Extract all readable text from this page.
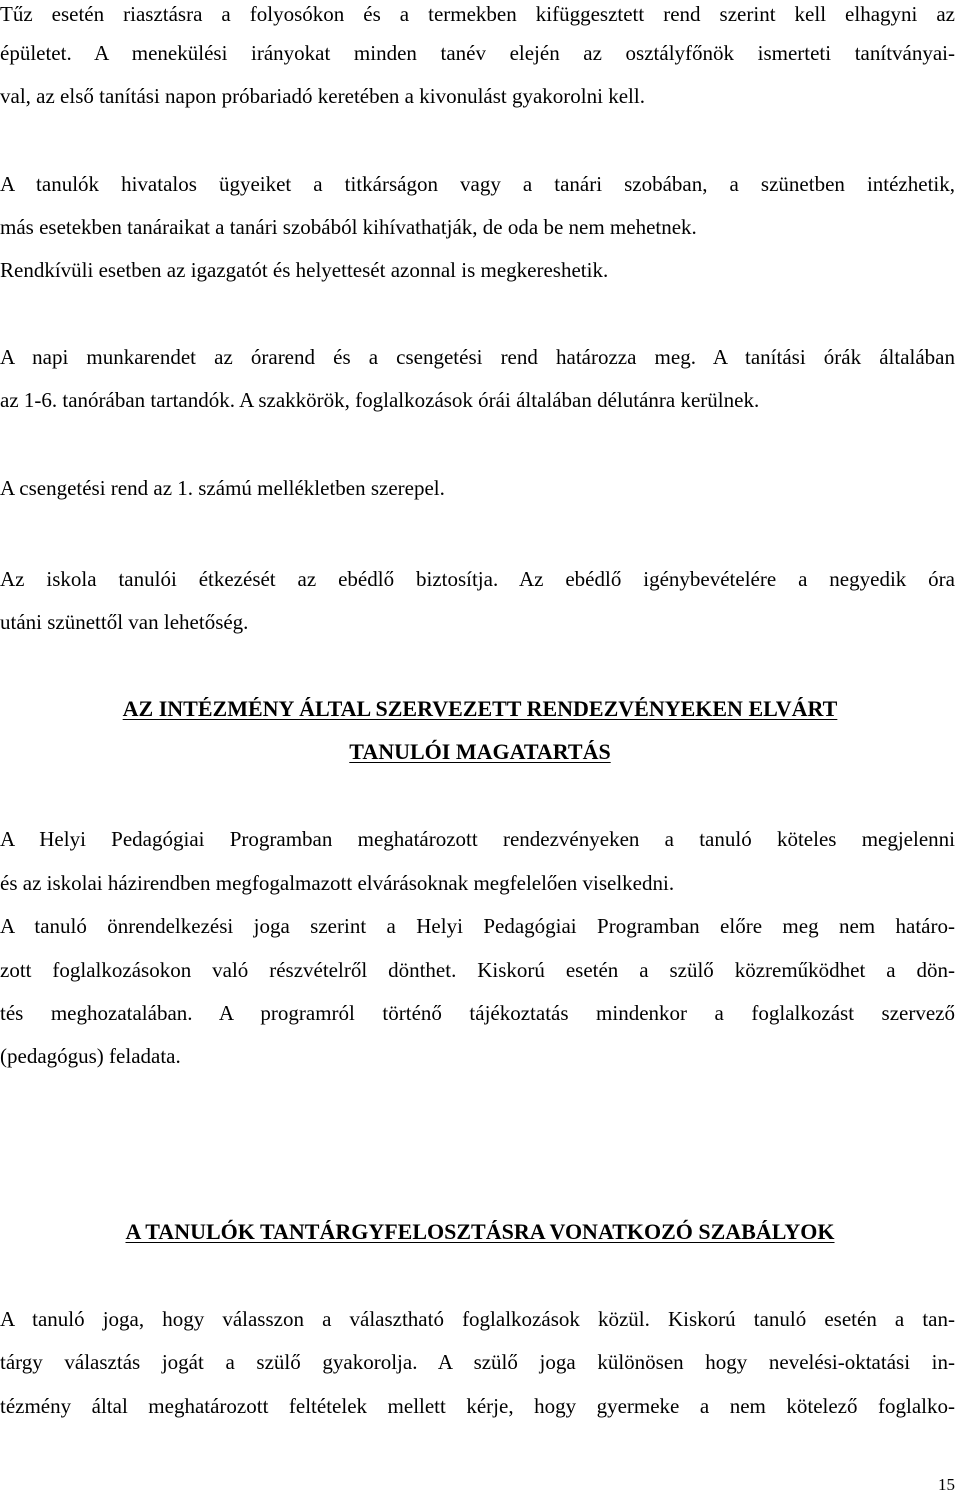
Tűz esetén riasztásra a folyosókon és a termekben kifüggesztett rend szerint kell elhagyni az

épületet. A menekülési irányokat minden tanév elején az osztályfőnök ismerteti tanítványai-

val, az első tanítási napon próbariadó keretében a kivonulást gyakorolni kell.

A tanulók hivatalos ügyeiket a titkárságon vagy a tanári szobában, a szünetben intézhetik,

más esetekben tanáraikat a tanári szobából kihívathatják, de oda be nem mehetnek.

Rendkívüli esetben az igazgatót és helyettesét azonnal is megkereshetik.

A napi munkarendet az órarend és a csengetési rend határozza meg. A tanítási órák általában

az 1-6. tanórában tartandók. A szakkörök, foglalkozások órái általában délutánra kerülnek.

A csengetési rend az 1. számú mellékletben szerepel.

Az iskola tanulói étkezését az ebédlő biztosítja. Az ebédlő igénybevételére a negyedik óra

utáni szünettől van lehetőség.

AZ INTÉZMÉNY ÁLTAL SZERVEZETT RENDEZVÉNYEKEN ELVÁRT
TANULÓI MAGATARTÁS

A Helyi Pedagógiai Programban meghatározott rendezvényeken a tanuló köteles megjelenni

és az iskolai házirendben megfogalmazott elvárásoknak megfelelően viselkedni.

A tanuló önrendelkezési joga szerint a Helyi Pedagógiai Programban előre meg nem határo-

zott foglalkozásokon való részvételről dönthet. Kiskorú esetén a szülő közreműködhet a dön-

tés meghozatalában. A programról történő tájékoztatás mindenkor a foglalkozást szervező

(pedagógus) feladata.

A TANULÓK TANTÁRGYFELOSZTÁSRA VONATKOZÓ SZABÁLYOK

A tanuló joga, hogy válasszon a választható foglalkozások közül. Kiskorú tanuló esetén a tan-

tárgy választás jogát a szülő gyakorolja. A szülő joga különösen hogy nevelési-oktatási in-

tézmény által meghatározott feltételek mellett kérje, hogy gyermeke a nem kötelező foglalko-

15
